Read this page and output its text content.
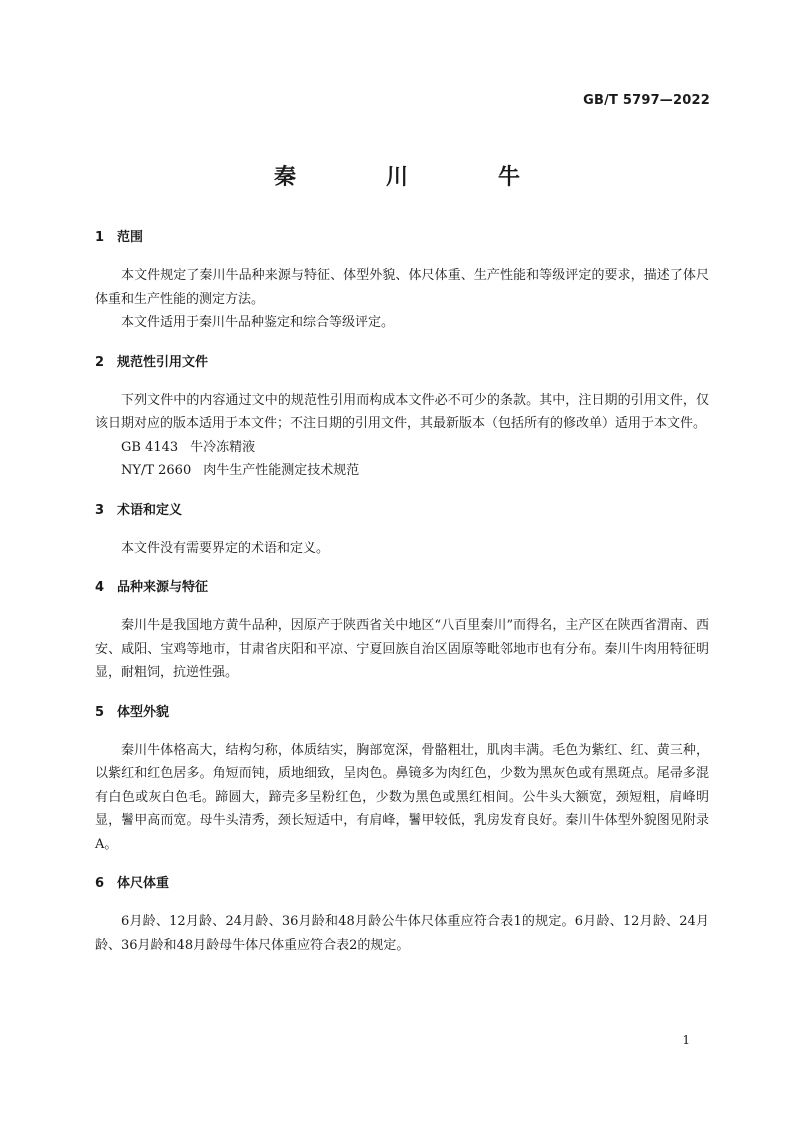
GB/T 5797—2022
秦　川　牛
1 范围

本文件规定了秦川牛品种来源与特征、体型外貌、体尺体重、生产性能和等级评定的要求，描述了体尺体重和生产性能的测定方法。

本文件适用于秦川牛品种鉴定和综合等级评定。

2 规范性引用文件

下列文件中的内容通过文中的规范性引用而构成本文件必不可少的条款。其中，注日期的引用文件，仅该日期对应的版本适用于本文件；不注日期的引用文件，其最新版本（包括所有的修改单）适用于本文件。

GB 4143 牛冷冻精液

NY/T 2660 肉牛生产性能测定技术规范

3 术语和定义

本文件没有需要界定的术语和定义。

4 品种来源与特征

秦川牛是我国地方黄牛品种，因原产于陕西省关中地区“八百里秦川”而得名，主产区在陕西省渭南、西安、咸阳、宝鸡等地市，甘肃省庆阳和平凉、宁夏回族自治区固原等毗邻地市也有分布。秦川牛肉用特征明显，耐粗饲，抗逆性强。

5 体型外貌

秦川牛体格高大，结构匀称，体质结实，胸部宽深，骨骼粗壮，肌肉丰满。毛色为紫红、红、黄三种，以紫红和红色居多。角短而钝，质地细致，呈肉色。鼻镜多为肉红色，少数为黑灰色或有黑斑点。尾帚多混有白色或灰白色毛。蹄圆大，蹄壳多呈粉红色，少数为黑色或黑红相间。公牛头大额宽，颈短粗，肩峰明显，鬐甲高而宽。母牛头清秀，颈长短适中，有肩峰，鬐甲较低，乳房发育良好。秦川牛体型外貌图见附录A。

6 体尺体重

6月龄、12月龄、24月龄、36月龄和48月龄公牛体尺体重应符合表1的规定。6月龄、12月龄、24月龄、36月龄和48月龄母牛体尺体重应符合表2的规定。

1
